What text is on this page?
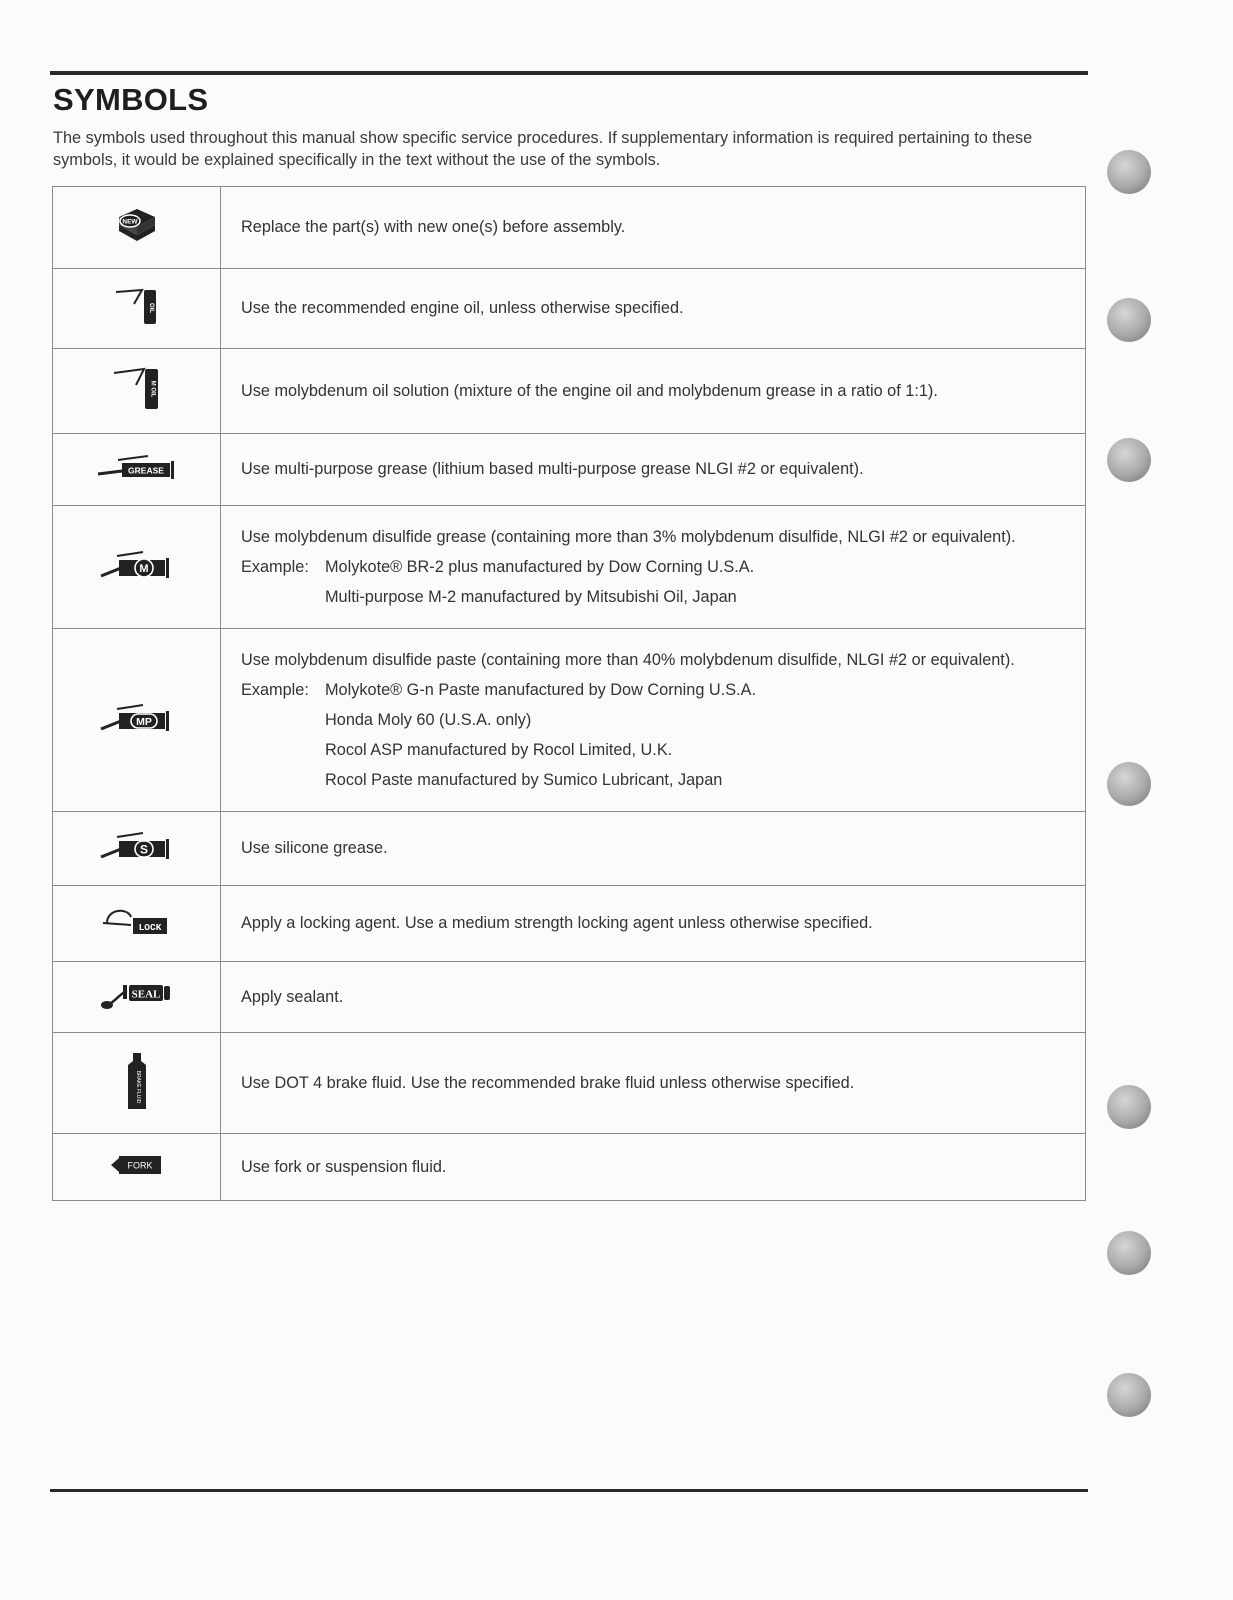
SYMBOLS

The symbols used throughout this manual show specific service procedures. If supplementary information is required pertaining to these symbols, it would be explained specifically in the text without the use of the symbols.

NEW	Replace the part(s) with new one(s) before assembly.

OIL	Use the recommended engine oil, unless otherwise specified.

M OIL	Use molybdenum oil solution (mixture of the engine oil and molybdenum grease in a ratio of 1:1).

GREASE	Use multi-purpose grease (lithium based multi-purpose grease NLGI #2 or equivalent).

M	Use molybdenum disulfide grease (containing more than 3% molybdenum disulfide, NLGI #2 or equivalent).

Example: Molykote® BR-2 plus manufactured by Dow Corning U.S.A.

Multi-purpose M-2 manufactured by Mitsubishi Oil, Japan

MP	Use molybdenum disulfide paste (containing more than 40% molybdenum disulfide, NLGI #2 or equivalent).

Example: Molykote® G-n Paste manufactured by Dow Corning U.S.A.

Honda Moly 60 (U.S.A. only)

Rocol ASP manufactured by Rocol Limited, U.K.

Rocol Paste manufactured by Sumico Lubricant, Japan

S	Use silicone grease.

LOCK	Apply a locking agent. Use a medium strength locking agent unless otherwise specified.

SEAL	Apply sealant.

BRAKE FLUID	Use DOT 4 brake fluid. Use the recommended brake fluid unless otherwise specified.

FORK	Use fork or suspension fluid.
